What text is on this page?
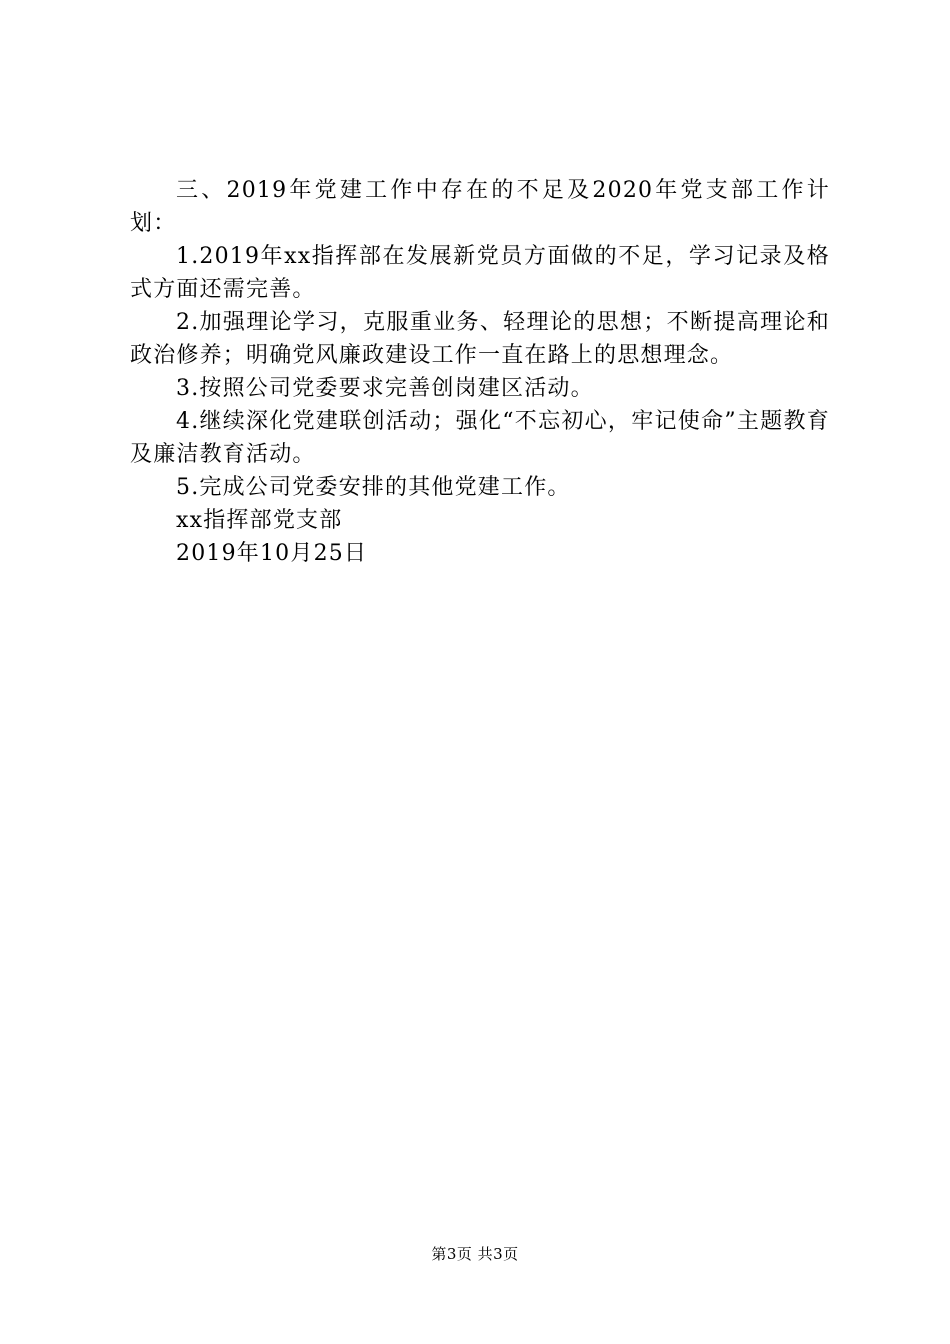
三、2019年党建工作中存在的不足及2020年党支部工作计划：

1.2019年xx指挥部在发展新党员方面做的不足，学习记录及格式方面还需完善。

2.加强理论学习，克服重业务、轻理论的思想；不断提高理论和政治修养；明确党风廉政建设工作一直在路上的思想理念。

3.按照公司党委要求完善创岗建区活动。

4.继续深化党建联创活动；强化“不忘初心，牢记使命”主题教育及廉洁教育活动。

5.完成公司党委安排的其他党建工作。

xx指挥部党支部

2019年10月25日

第3页 共3页
